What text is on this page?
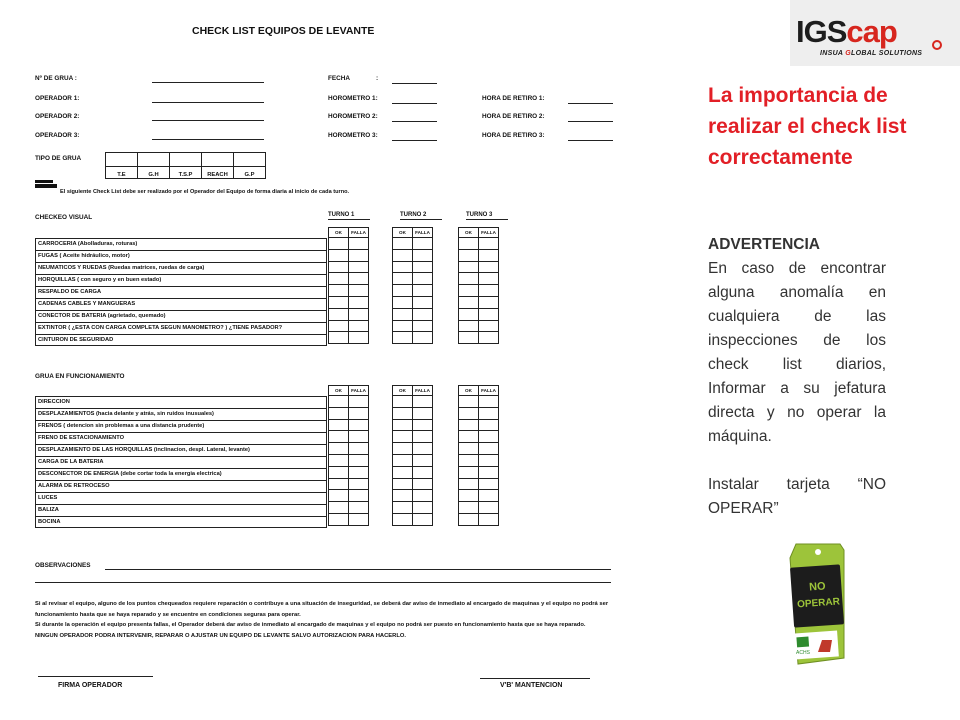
CHECK LIST EQUIPOS DE LEVANTE
Nº DE GRUA :
OPERADOR 1:
OPERADOR 2:
OPERADOR 3:
FECHA	:
HOROMETRO 1:
HOROMETRO 2:
HOROMETRO 3:
HORA DE RETIRO 1:
HORA DE RETIRO 2:
HORA DE RETIRO 3:
TIPO DE GRUA

T.E	G.H	T.S.P	REACH	G.P
El siguiente Check List debe ser realizado por el Operador del Equipo de forma diaria al inicio de cada turno.
CHECKEO VISUAL
GRUA EN FUNCIONAMIENTO
TURNO 1	TURNO 2	TURNO 3
CARROCERIA (Abolladuras, roturas)
FUGAS ( Aceite hidráulico, motor)
NEUMATICOS Y RUEDAS (Ruedas matrices, ruedas de carga)
HORQUILLAS ( con seguro y en buen estado)
RESPALDO DE CARGA
CADENAS CABLES Y MANGUERAS
CONECTOR DE BATERIA (agrietado, quemado)
EXTINTOR ( ¿ESTA CON CARGA COMPLETA SEGUN MANOMETRO? ) ¿TIENE PASADOR?
CINTURON DE SEGURIDAD
DIRECCION
DESPLAZAMIENTOS (hacia delante y atrás, sin ruidos inusuales)
FRENOS ( detencion sin problemas a una distancia prudente)
FRENO DE ESTACIONAMIENTO
DESPLAZAMIENTO DE LAS HORQUILLAS (inclinacion, despl. Lateral, levante)
CARGA DE LA BATERIA
DESCONECTOR DE ENERGIA (debe cortar toda la energia electrica)
ALARMA DE RETROCESO
LUCES
BALIZA
BOCINA
OK	FALLA

		OK	FALLA

		OK	FALLA

OK	FALLA

		OK	FALLA

		OK	FALLA

OBSERVACIONES

Si al revisar el equipo, alguno de los puntos chequeados requiere reparación o contribuye a una situación de inseguridad, se deberá dar aviso de inmediato al encargado de maquinas y el equipo no podrá ser

funcionamiento hasta que se haya reparado y se encuentre en condiciones seguras para operar.

Si durante la operación el equipo presenta fallas, el Operador deberá dar aviso de inmediato al encargado de maquinas y el equipo no podrá ser puesto en funcionamiento hasta que se haya reparado.

NINGUN OPERADOR PODRA INTERVENIR, REPARAR O AJUSTAR UN EQUIPO DE LEVANTE SALVO AUTORIZACION PARA HACERLO.

FIRMA OPERADOR	V'B' MANTENCION
IGScap
INSUA GLOBAL SOLUTIONS
La importancia de realizar el check list correctamente
ADVERTENCIA
En caso de encontrar alguna anomalía en cualquiera de las inspecciones de los check list diarios, Informar a su jefatura directa y no operar la máquina.

Instalar tarjeta “NO OPERAR”
NO
OPERAR
ACHS
